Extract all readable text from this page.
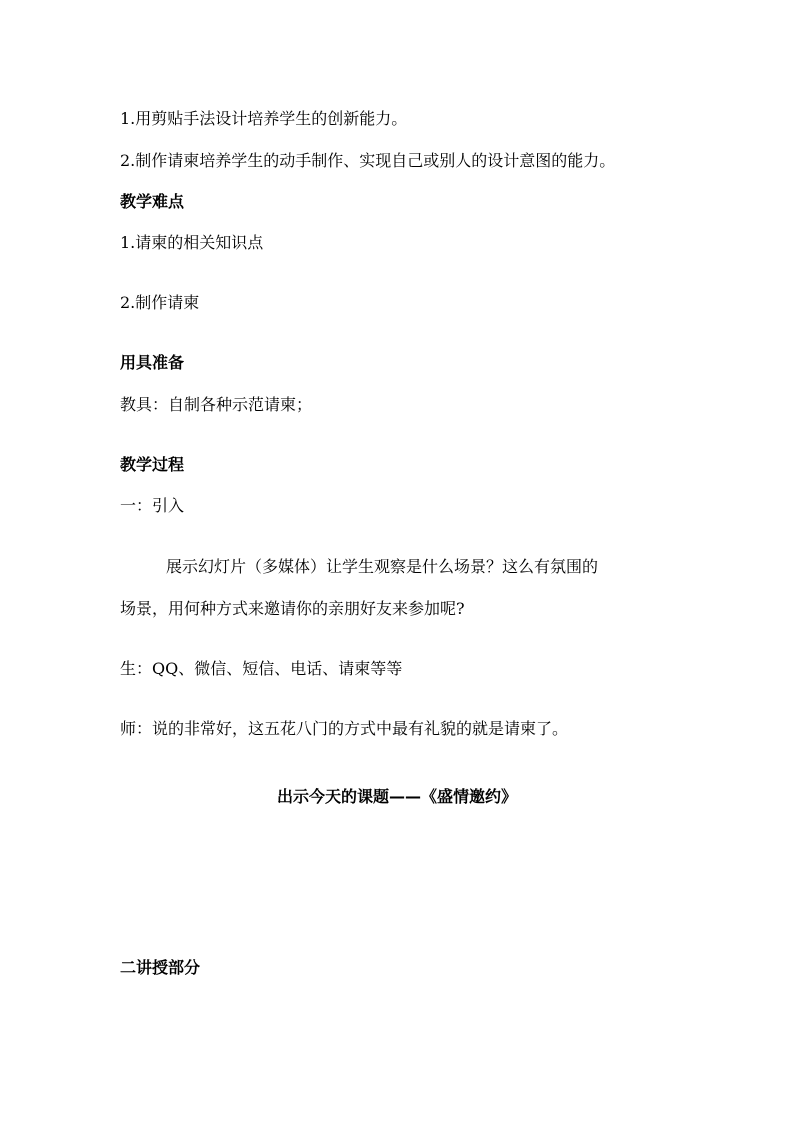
1.用剪贴手法设计培养学生的创新能力。
2.制作请柬培养学生的动手制作、实现自己或别人的设计意图的能力。
教学难点
1.请柬的相关知识点
2.制作请柬
用具准备
教具：自制各种示范请柬；
教学过程
一：引入
展示幻灯片（多媒体）让学生观察是什么场景？这么有氛围的
场景，用何种方式来邀请你的亲朋好友来参加呢?
生：QQ、微信、短信、电话、请柬等等
师：说的非常好，这五花八门的方式中最有礼貌的就是请柬了。
出示今天的课题——《盛情邀约》
二讲授部分
